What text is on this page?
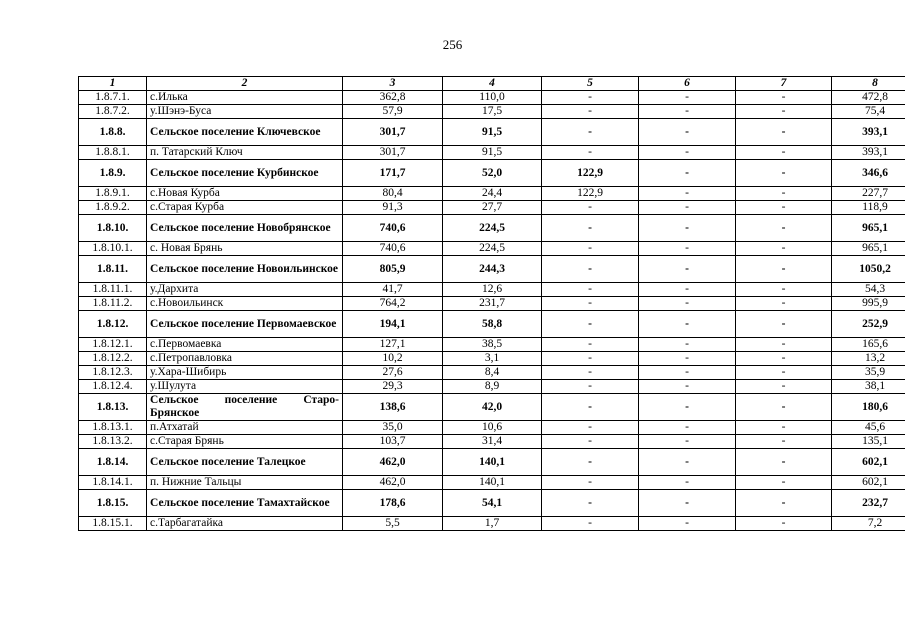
256
1	2	3	4	5	6	7	8
1.8.7.1.	с.Илька	362,8	110,0	-	-	-	472,8
1.8.7.2.	у.Шэнэ-Буса	57,9	17,5	-	-	-	75,4
1.8.8.	Сельское поселение Ключевское	301,7	91,5	-	-	-	393,1
1.8.8.1.	п. Татарский Ключ	301,7	91,5	-	-	-	393,1
1.8.9.	Сельское поселение Курбинское	171,7	52,0	122,9	-	-	346,6
1.8.9.1.	с.Новая Курба	80,4	24,4	122,9	-	-	227,7
1.8.9.2.	с.Старая Курба	91,3	27,7	-	-	-	118,9
1.8.10.	Сельское поселение Новобрянское	740,6	224,5	-	-	-	965,1
1.8.10.1.	с. Новая Брянь	740,6	224,5	-	-	-	965,1
1.8.11.	Сельское поселение Новоильинское	805,9	244,3	-	-	-	1050,2
1.8.11.1.	у.Дархита	41,7	12,6	-	-	-	54,3
1.8.11.2.	с.Новоильинск	764,2	231,7	-	-	-	995,9
1.8.12.	Сельское поселение Первомаевское	194,1	58,8	-	-	-	252,9
1.8.12.1.	с.Первомаевка	127,1	38,5	-	-	-	165,6
1.8.12.2.	с.Петропавловка	10,2	3,1	-	-	-	13,2
1.8.12.3.	у.Хара-Шибирь	27,6	8,4	-	-	-	35,9
1.8.12.4.	у.Шулута	29,3	8,9	-	-	-	38,1
1.8.13.	Сельское поселение Старо-Брянское	138,6	42,0	-	-	-	180,6
1.8.13.1.	п.Атхатай	35,0	10,6	-	-	-	45,6
1.8.13.2.	с.Старая Брянь	103,7	31,4	-	-	-	135,1
1.8.14.	Сельское поселение Талецкое	462,0	140,1	-	-	-	602,1
1.8.14.1.	п. Нижние Тальцы	462,0	140,1	-	-	-	602,1
1.8.15.	Сельское поселение Тамахтайское	178,6	54,1	-	-	-	232,7
1.8.15.1.	с.Тарбагатайка	5,5	1,7	-	-	-	7,2
